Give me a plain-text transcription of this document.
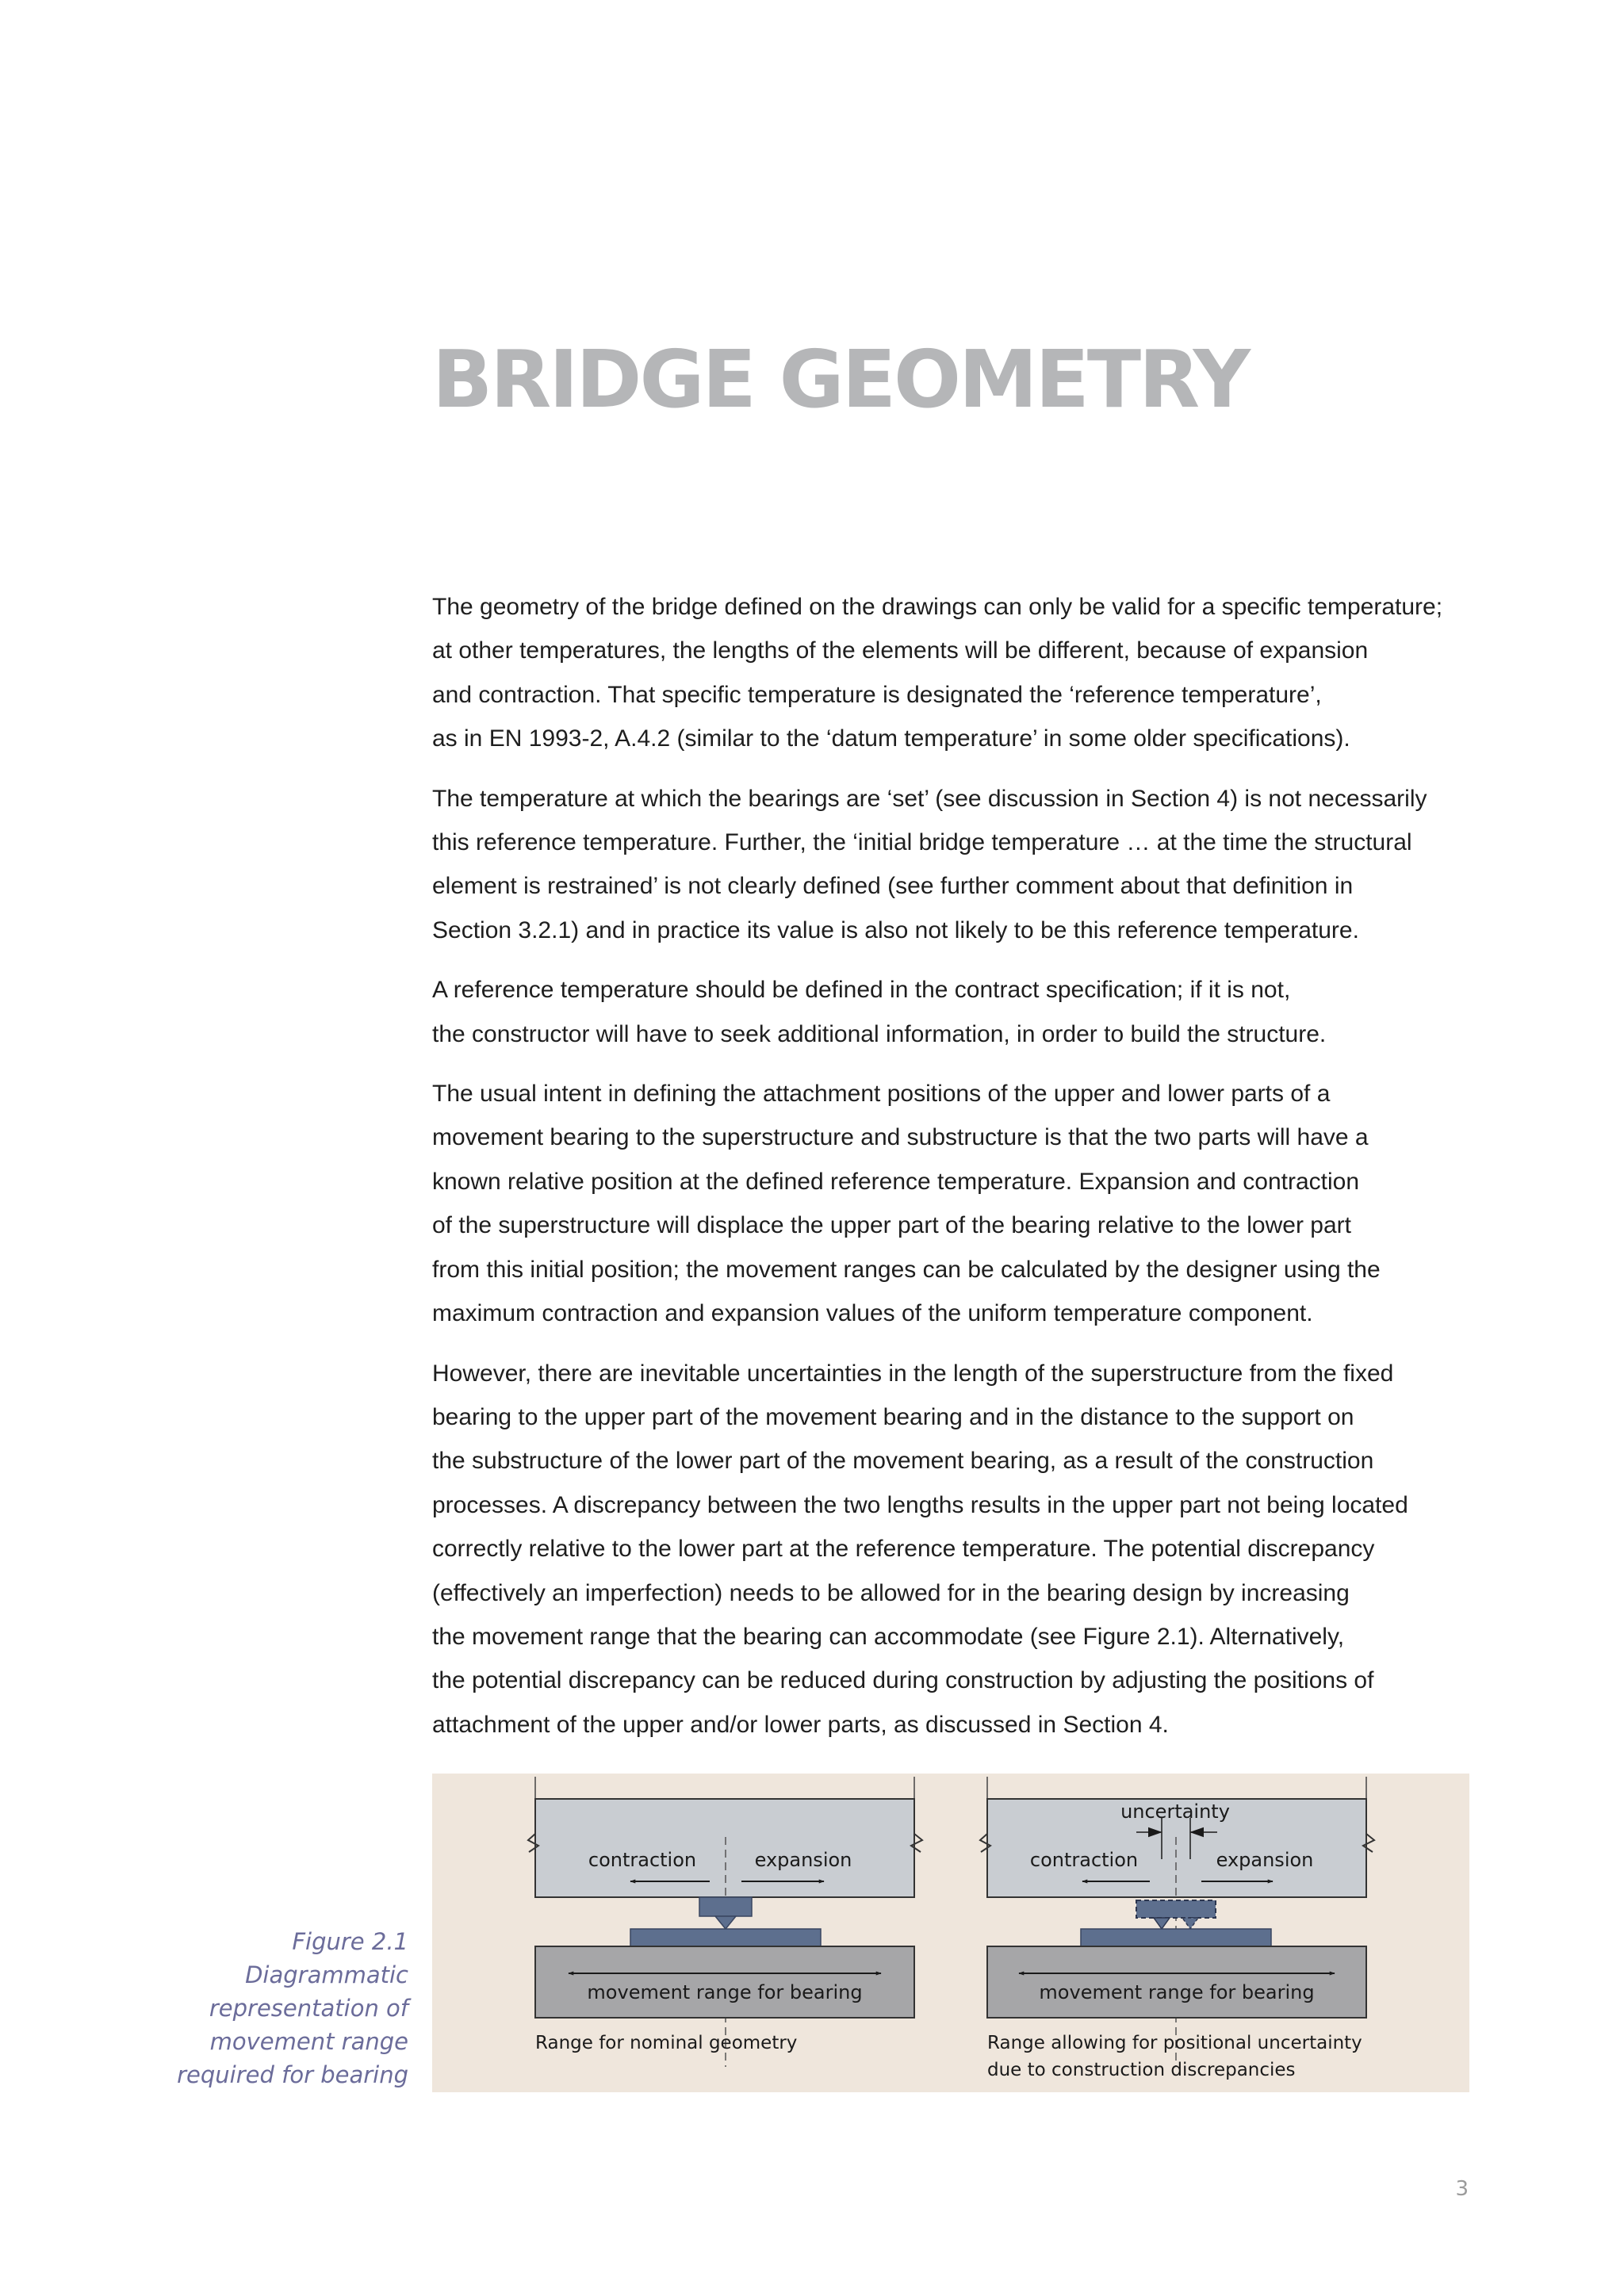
BRIDGE GEOMETRY

The geometry of the bridge defined on the drawings can only be valid for a specific temperature;
at other temperatures, the lengths of the elements will be different, because of expansion
and contraction. That specific temperature is designated the ‘reference temperature’,
as in EN 1993-2, A.4.2 (similar to the ‘datum temperature’ in some older specifications).

The temperature at which the bearings are ‘set’ (see discussion in Section 4) is not necessarily
this reference temperature. Further, the ‘initial bridge temperature … at the time the structural
element is restrained’ is not clearly defined (see further comment about that definition in
Section 3.2.1) and in practice its value is also not likely to be this reference temperature.

A reference temperature should be defined in the contract specification; if it is not,
the constructor will have to seek additional information, in order to build the structure.

The usual intent in defining the attachment positions of the upper and lower parts of a
movement bearing to the superstructure and substructure is that the two parts will have a
known relative position at the defined reference temperature. Expansion and contraction
of the superstructure will displace the upper part of the bearing relative to the lower part
from this initial position; the movement ranges can be calculated by the designer using the
maximum contraction and expansion values of the uniform temperature component.

However, there are inevitable uncertainties in the length of the superstructure from the fixed
bearing to the upper part of the movement bearing and in the distance to the support on
the substructure of the lower part of the movement bearing, as a result of the construction
processes. A discrepancy between the two lengths results in the upper part not being located
correctly relative to the lower part at the reference temperature. The potential discrepancy
(effectively an imperfection) needs to be allowed for in the bearing design by increasing
the movement range that the bearing can accommodate (see Figure 2.1). Alternatively,
the potential discrepancy can be reduced during construction by adjusting the positions of
attachment of the upper and/or lower parts, as discussed in Section 4.

Figure 2.1
Diagrammatic
representation of
movement range
required for bearing
contraction	expansion
movement range for bearing
Range for nominal geometry
uncertainty
contraction	expansion
movement range for bearing
Range allowing for positional uncertainty
due to construction discrepancies
3
